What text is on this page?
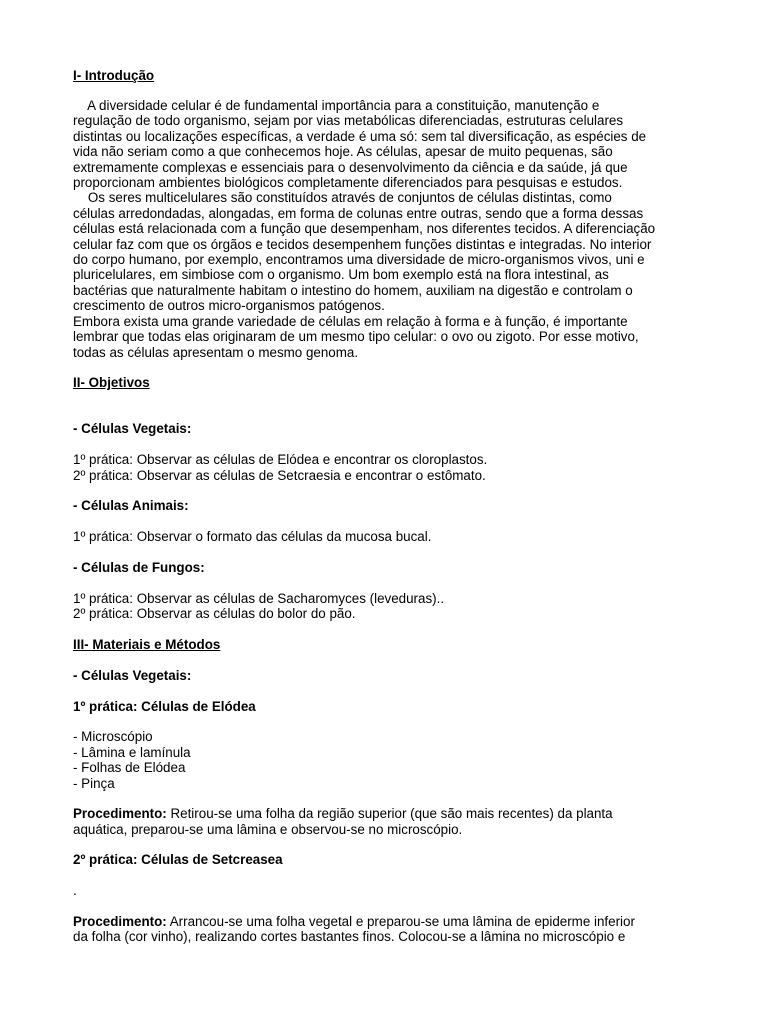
I- Introdução
A diversidade celular é de fundamental importância para a constituição, manutenção e
regulação de todo organismo, sejam por vias metabólicas diferenciadas, estruturas celulares
distintas ou localizações específicas, a verdade é uma só: sem tal diversificação, as espécies de
vida não seriam como a que conhecemos hoje. As células, apesar de muito pequenas, são
extremamente complexas e essenciais para o desenvolvimento da ciência e da saúde, já que
proporcionam ambientes biológicos completamente diferenciados para pesquisas e estudos.
Os seres multicelulares são constituídos através de conjuntos de células distintas, como
células arredondadas, alongadas, em forma de colunas entre outras, sendo que a forma dessas
células está relacionada com a função que desempenham, nos diferentes tecidos. A diferenciação
celular faz com que os órgãos e tecidos desempenhem funções distintas e integradas. No interior
do corpo humano, por exemplo, encontramos uma diversidade de micro-organismos vivos, uni e
pluricelulares, em simbiose com o organismo. Um bom exemplo está na flora intestinal, as
bactérias que naturalmente habitam o intestino do homem, auxiliam na digestão e controlam o
crescimento de outros micro-organismos patógenos.
Embora exista uma grande variedade de células em relação à forma e à função, é importante
lembrar que todas elas originaram de um mesmo tipo celular: o ovo ou zigoto. Por esse motivo,
todas as células apresentam o mesmo genoma.
II- Objetivos
- Células Vegetais:
1º prática: Observar as células de Elódea e encontrar os cloroplastos.
2º prática: Observar as células de Setcraesia e encontrar o estômato.
- Células Animais:
1º prática: Observar o formato das células da mucosa bucal.
- Células de Fungos:
1º prática: Observar as células de Sacharomyces (leveduras)..
2º prática: Observar as células do bolor do pão.
III- Materiais e Métodos
- Células Vegetais:
1º prática: Células de Elódea
- Microscópio
- Lâmina e lamínula
- Folhas de Elódea
- Pinça
Procedimento: Retirou-se uma folha da região superior (que são mais recentes) da planta
aquática, preparou-se uma lâmina e observou-se no microscópio.
2º prática: Células de Setcreasea
.
Procedimento: Arrancou-se uma folha vegetal e preparou-se uma lâmina de epiderme inferior
da folha (cor vinho), realizando cortes bastantes finos. Colocou-se a lâmina no microscópio e
